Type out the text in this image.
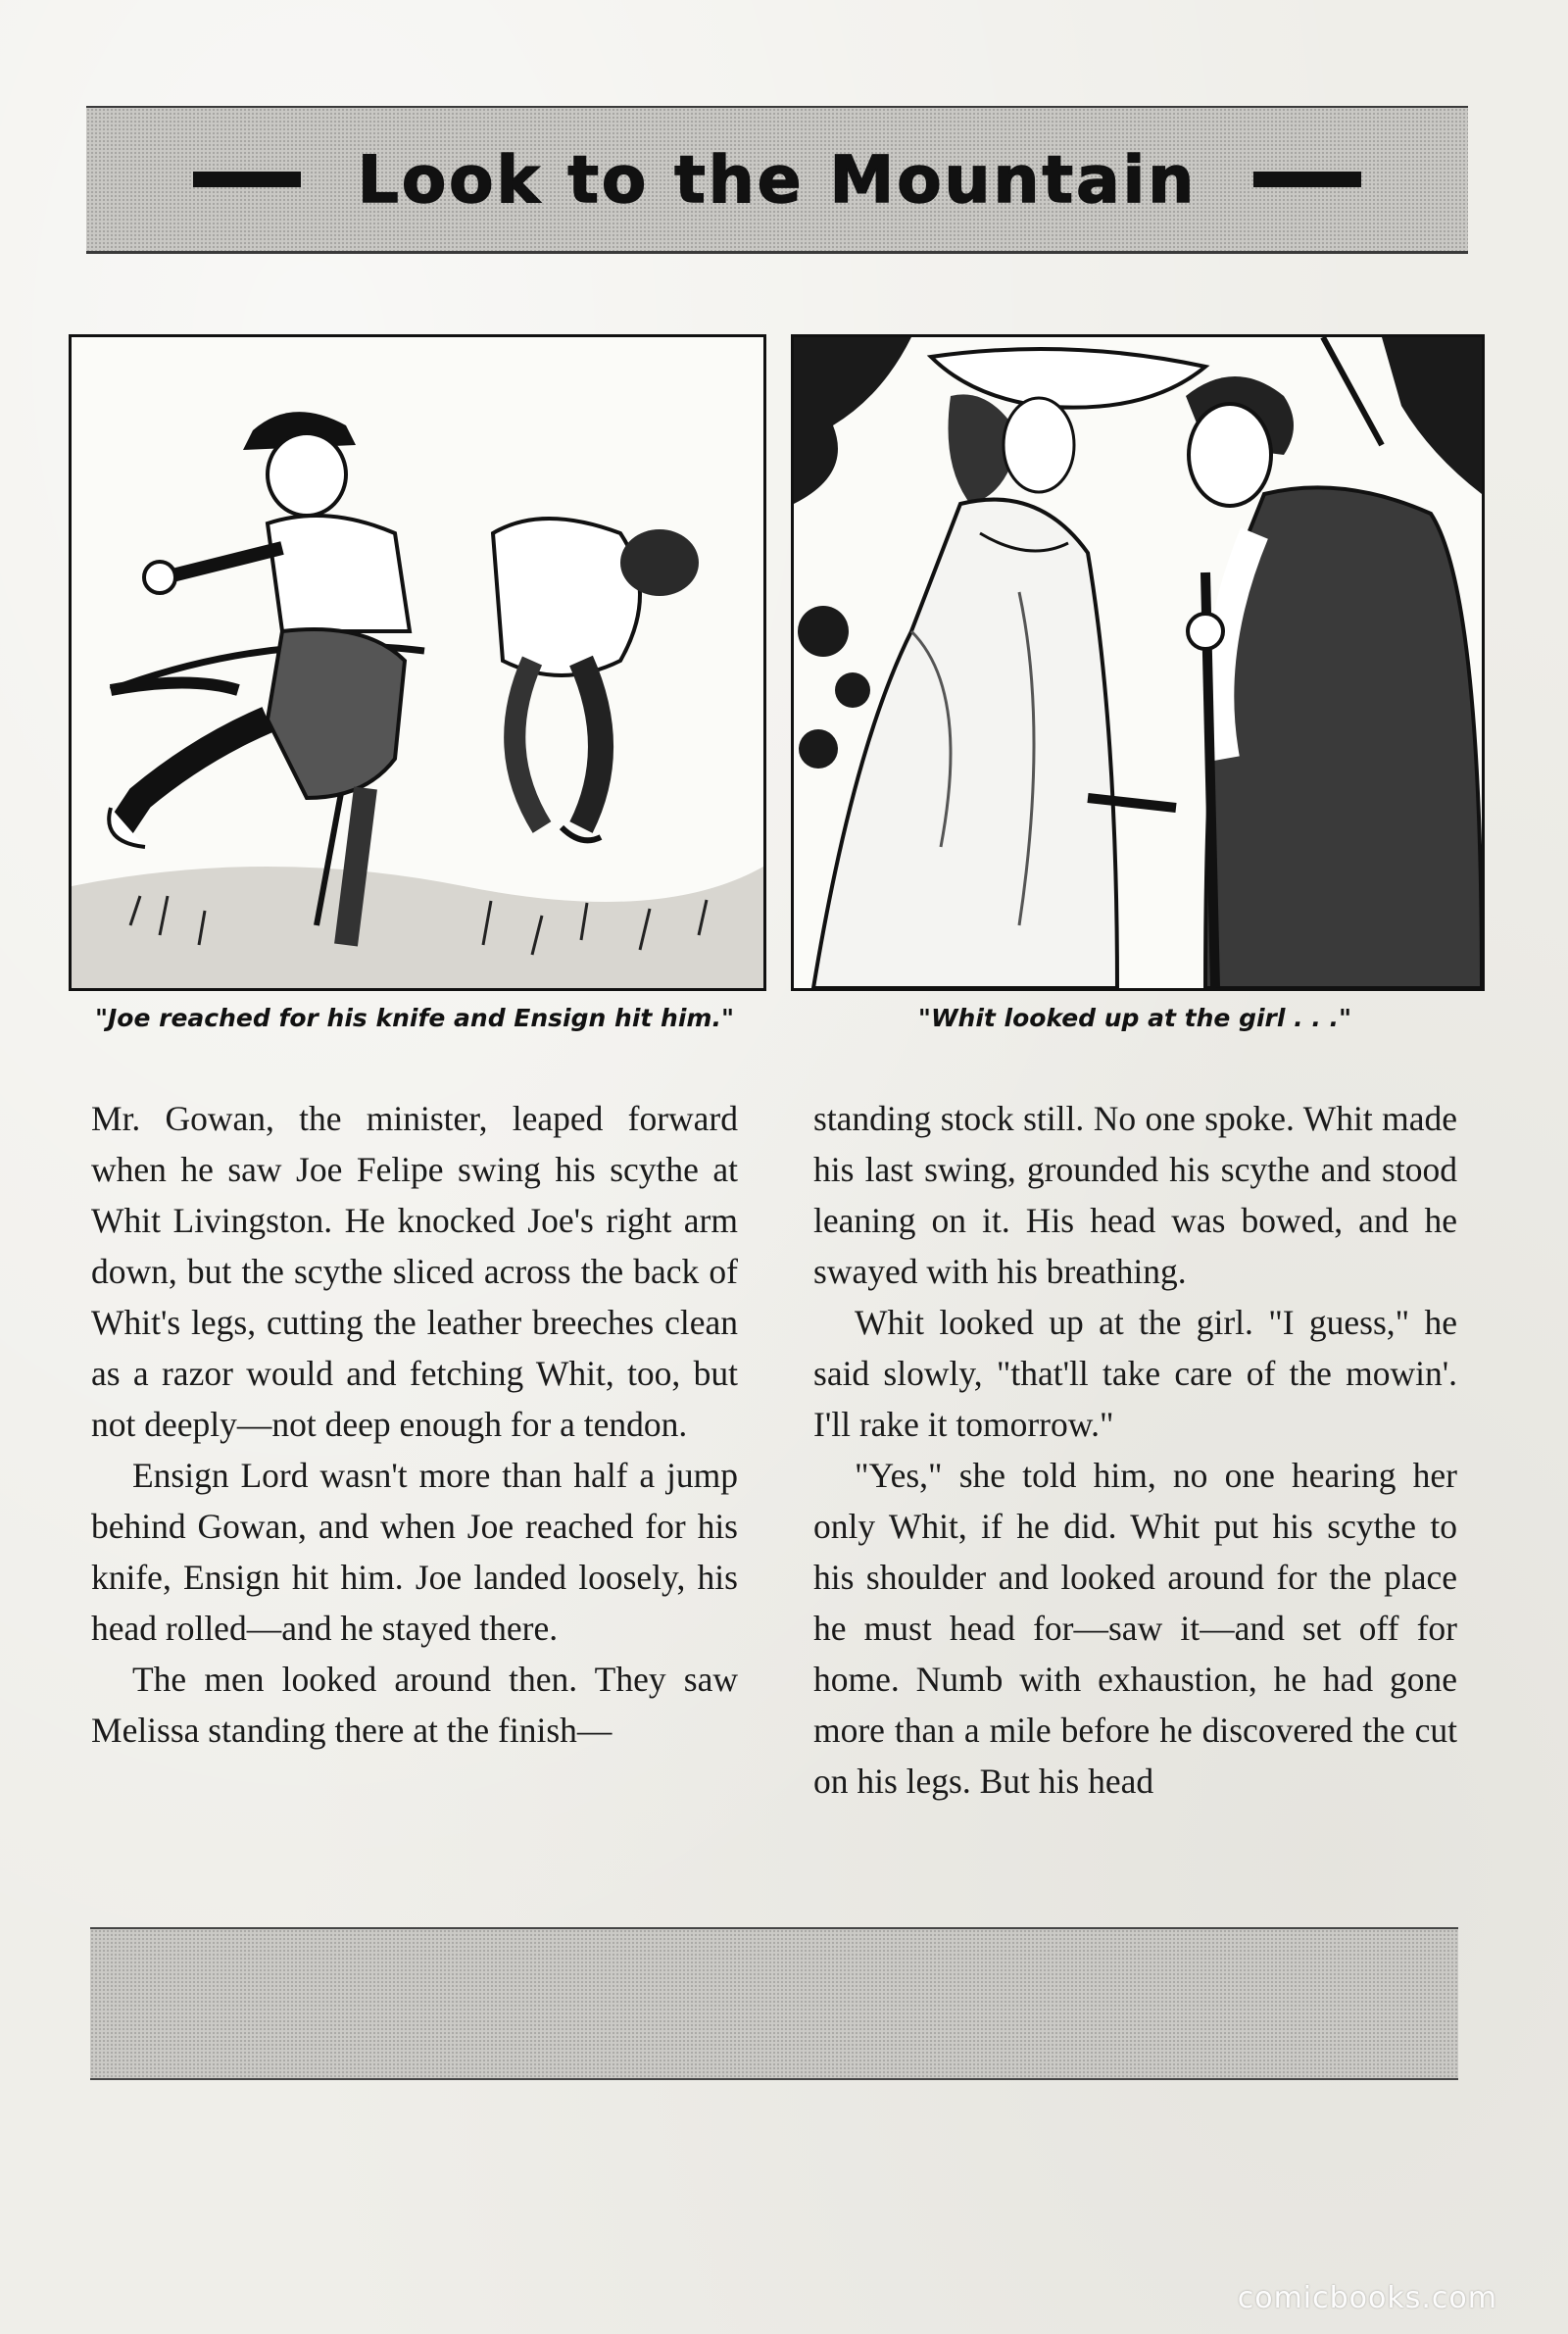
Look to the Mountain
"Joe reached for his knife and Ensign hit him."	"Whit looked up at the girl . . ."

Mr. Gowan, the minister, leaped forward when he saw Joe Felipe swing his scythe at Whit Livingston. He knocked Joe's right arm down, but the scythe sliced across the back of Whit's legs, cutting the leather breeches clean as a razor would and fetching Whit, too, but not deeply—not deep enough for a tendon.

Ensign Lord wasn't more than half a jump behind Gowan, and when Joe reached for his knife, Ensign hit him. Joe landed loosely, his head rolled—and he stayed there.

The men looked around then. They saw Melissa standing there at the finish—

standing stock still. No one spoke. Whit made his last swing, grounded his scythe and stood leaning on it. His head was bowed, and he swayed with his breathing.

Whit looked up at the girl. "I guess," he said slowly, "that'll take care of the mowin'. I'll rake it tomorrow."

"Yes," she told him, no one hearing her only Whit, if he did. Whit put his scythe to his shoulder and looked around for the place he must head for—saw it—and set off for home. Numb with exhaustion, he had gone more than a mile before he discovered the cut on his legs. But his head

comicbooks.com
